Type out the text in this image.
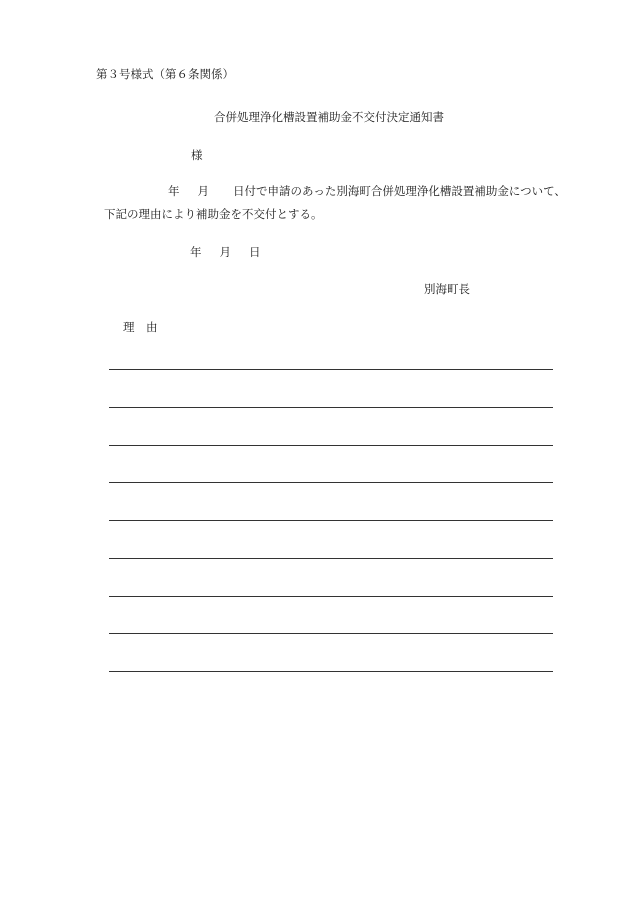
第３号様式（第６条関係）
合併処理浄化槽設置補助金不交付決定通知書
様
年 月 日付で申請のあった別海町合併処理浄化槽設置補助金について、
下記の理由により補助金を不交付とする。
年 月 日
別海町長
理　由
